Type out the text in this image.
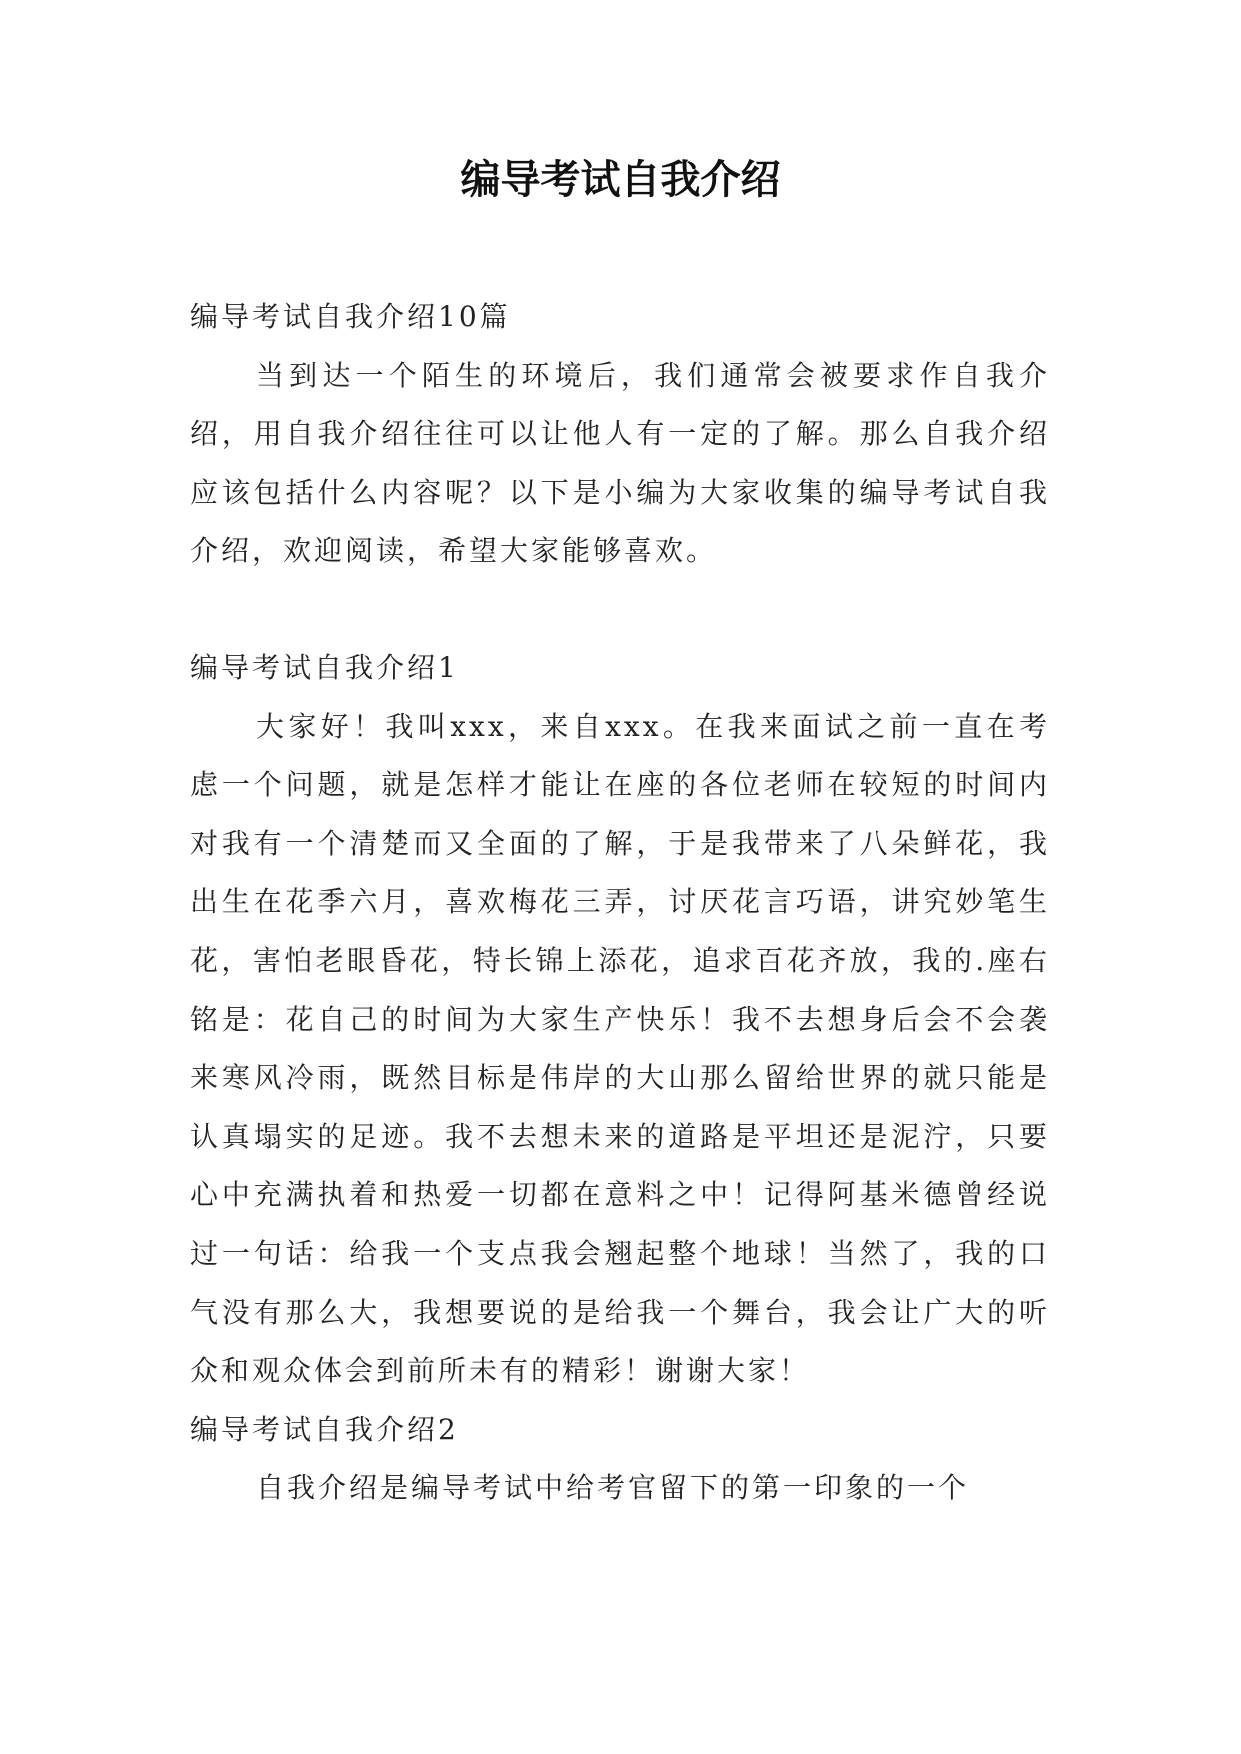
编导考试自我介绍

编导考试自我介绍10篇

当到达一个陌生的环境后，我们通常会被要求作自我介绍，用自我介绍往往可以让他人有一定的了解。那么自我介绍应该包括什么内容呢？以下是小编为大家收集的编导考试自我介绍，欢迎阅读，希望大家能够喜欢。

编导考试自我介绍1

大家好！我叫xxx，来自xxx。在我来面试之前一直在考虑一个问题，就是怎样才能让在座的各位老师在较短的时间内对我有一个清楚而又全面的了解，于是我带来了八朵鲜花，我出生在花季六月，喜欢梅花三弄，讨厌花言巧语，讲究妙笔生花，害怕老眼昏花，特长锦上添花，追求百花齐放，我的.座右铭是：花自己的时间为大家生产快乐！我不去想身后会不会袭来寒风冷雨，既然目标是伟岸的大山那么留给世界的就只能是认真塌实的足迹。我不去想未来的道路是平坦还是泥泞，只要心中充满执着和热爱一切都在意料之中！记得阿基米德曾经说过一句话：给我一个支点我会翘起整个地球！当然了，我的口气没有那么大，我想要说的是给我一个舞台，我会让广大的听众和观众体会到前所未有的精彩！谢谢大家！

编导考试自我介绍2

自我介绍是编导考试中给考官留下的第一印象的一个
